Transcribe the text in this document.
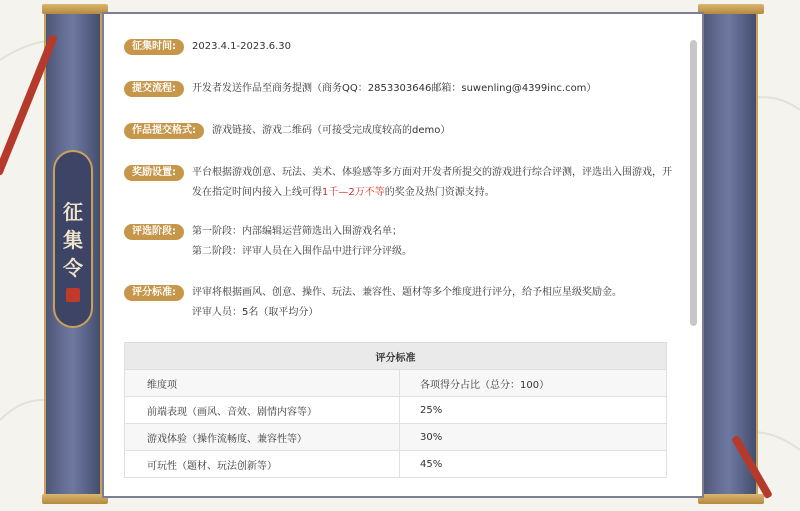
征
集
令
征集时间:	2023.4.1-2023.6.30
提交流程:	开发者发送作品至商务提测（商务QQ：2853303646邮箱：suwenling@4399inc.com）
作品提交格式:	游戏链接、游戏二维码（可接受完成度较高的demo）
奖励设置:	平台根据游戏创意、玩法、美术、体验感等多方面对开发者所提交的游戏进行综合评测，评选出入围游戏，开
发在指定时间内接入上线可得1千—2万不等的奖金及热门资源支持。
评选阶段:	第一阶段：内部编辑运营筛选出入围游戏名单；
第二阶段：评审人员在入围作品中进行评分评级。
评分标准:	评审将根据画风、创意、操作、玩法、兼容性、题材等多个维度进行评分，给予相应星级奖励金。
评审人员：5名（取平均分）
评分标准	
维度项	各项得分占比（总分：100）
前端表现（画风、音效、剧情内容等）	25%
游戏体验（操作流畅度、兼容性等）	30%
可玩性（题材、玩法创新等）	45%
